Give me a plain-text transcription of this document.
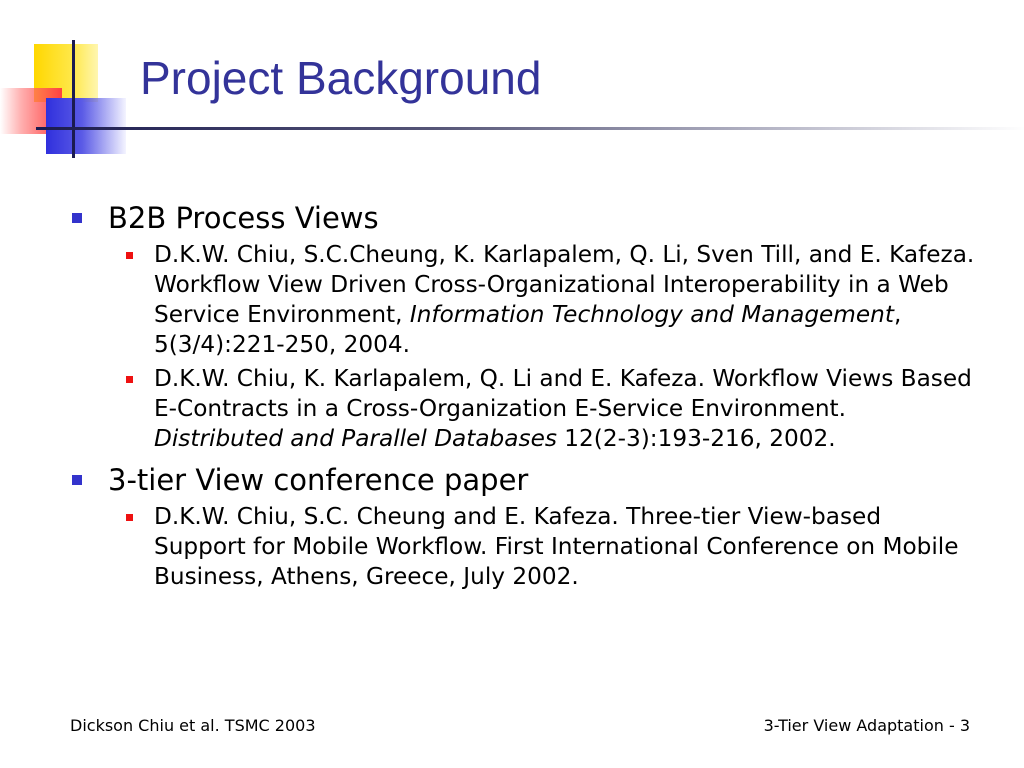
Project Background
B2B Process Views
D.K.W. Chiu, S.C.Cheung, K. Karlapalem, Q. Li, Sven Till, and E. Kafeza. Workflow View Driven Cross-Organizational Interoperability in a Web Service Environment, Information Technology and Management, 5(3/4):221-250, 2004.
D.K.W. Chiu, K. Karlapalem, Q. Li and E. Kafeza. Workflow Views Based E-Contracts in a Cross-Organization E-Service Environment. Distributed and Parallel Databases 12(2-3):193-216, 2002.
3-tier View conference paper
D.K.W. Chiu, S.C. Cheung and E. Kafeza. Three-tier View-based Support for Mobile Workflow. First International Conference on Mobile Business, Athens, Greece, July 2002.
Dickson Chiu et al. TSMC 2003	3-Tier View Adaptation - 3
